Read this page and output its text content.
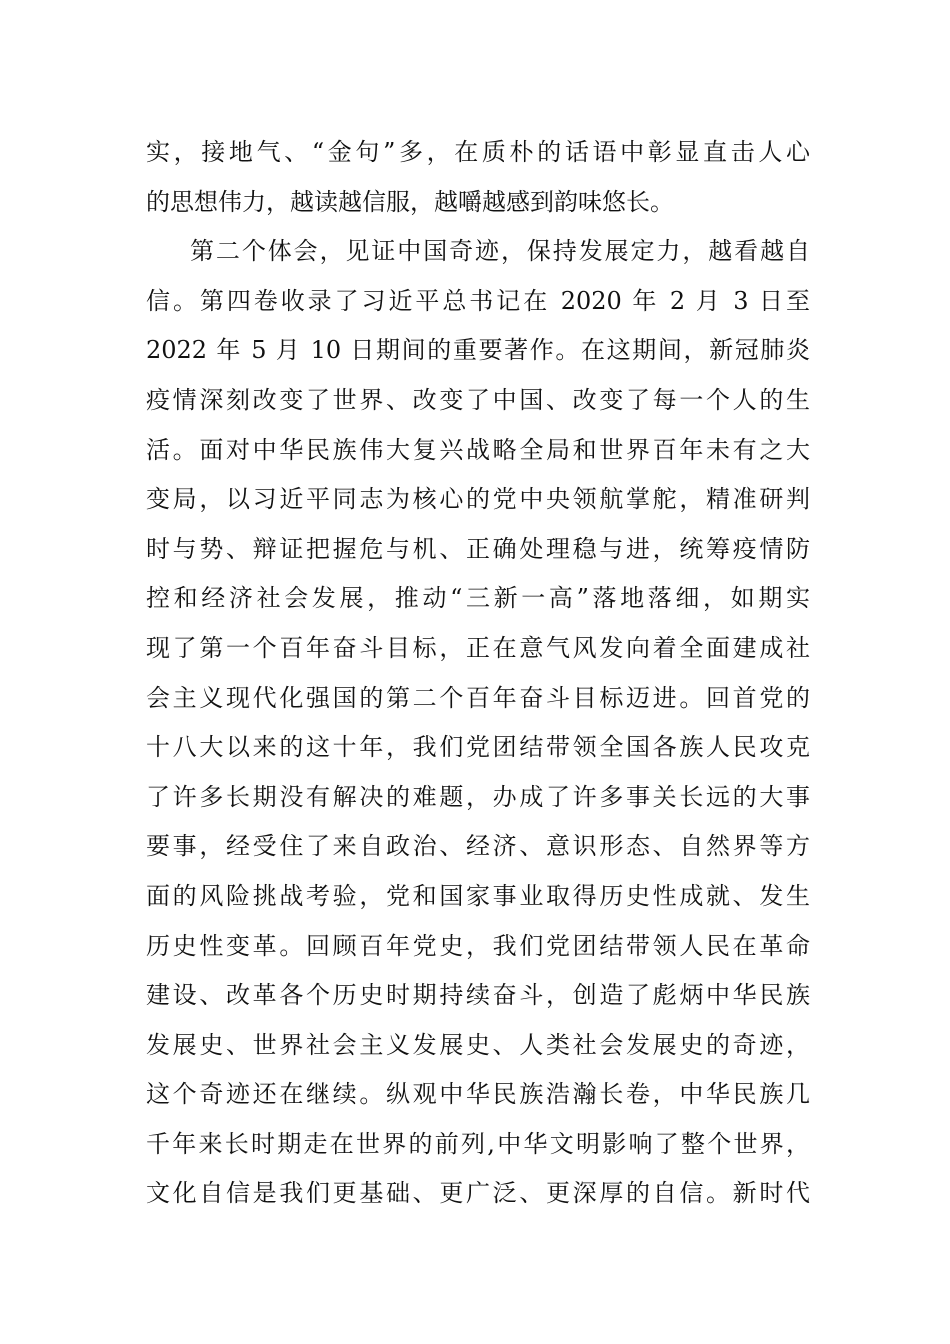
实，接地气、“金句”多，在质朴的话语中彰显直击人心
的思想伟力，越读越信服，越嚼越感到韵味悠长。
第二个体会，见证中国奇迹，保持发展定力，越看越自
信。第四卷收录了习近平总书记在 2020 年 2 月 3 日至
2022 年 5 月 10 日期间的重要著作。在这期间，新冠肺炎
疫情深刻改变了世界、改变了中国、改变了每一个人的生
活。面对中华民族伟大复兴战略全局和世界百年未有之大
变局，以习近平同志为核心的党中央领航掌舵，精准研判
时与势、辩证把握危与机、正确处理稳与进，统筹疫情防
控和经济社会发展，推动“三新一高”落地落细，如期实
现了第一个百年奋斗目标，正在意气风发向着全面建成社
会主义现代化强国的第二个百年奋斗目标迈进。回首党的
十八大以来的这十年，我们党团结带领全国各族人民攻克
了许多长期没有解决的难题，办成了许多事关长远的大事
要事，经受住了来自政治、经济、意识形态、自然界等方
面的风险挑战考验，党和国家事业取得历史性成就、发生
历史性变革。回顾百年党史，我们党团结带领人民在革命
建设、改革各个历史时期持续奋斗，创造了彪炳中华民族
发展史、世界社会主义发展史、人类社会发展史的奇迹，
这个奇迹还在继续。纵观中华民族浩瀚长卷，中华民族几
千年来长时期走在世界的前列,中华文明影响了整个世界，
文化自信是我们更基础、更广泛、更深厚的自信。新时代
